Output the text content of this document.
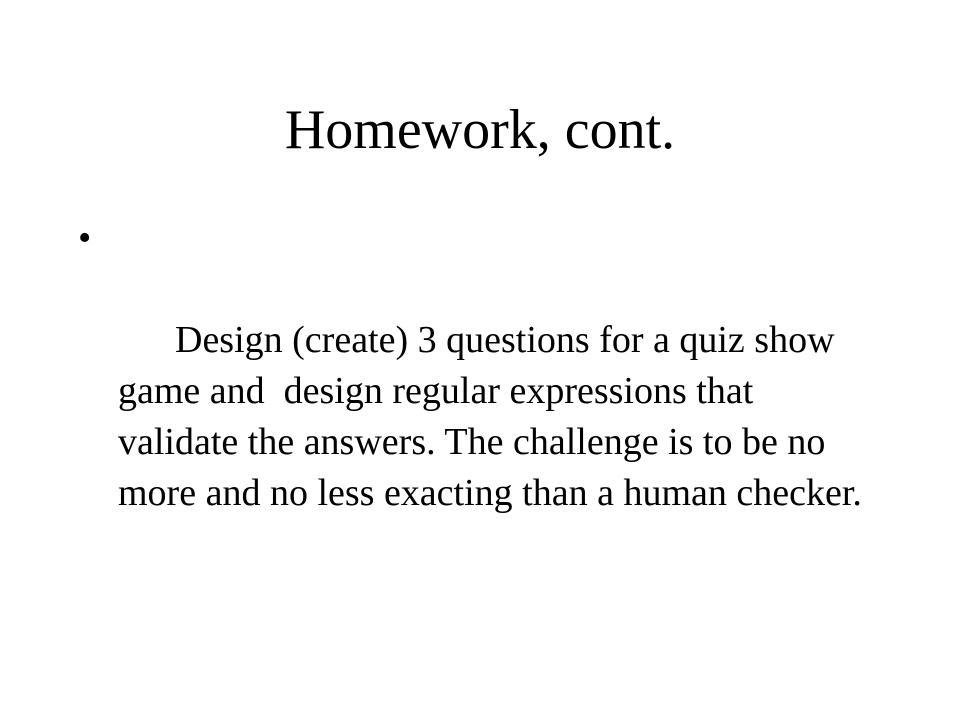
Homework, cont.

•

Design (create) 3 questions for a quiz show game and  design regular expressions that validate the answers. The challenge is to be no more and no less exacting than a human checker.
